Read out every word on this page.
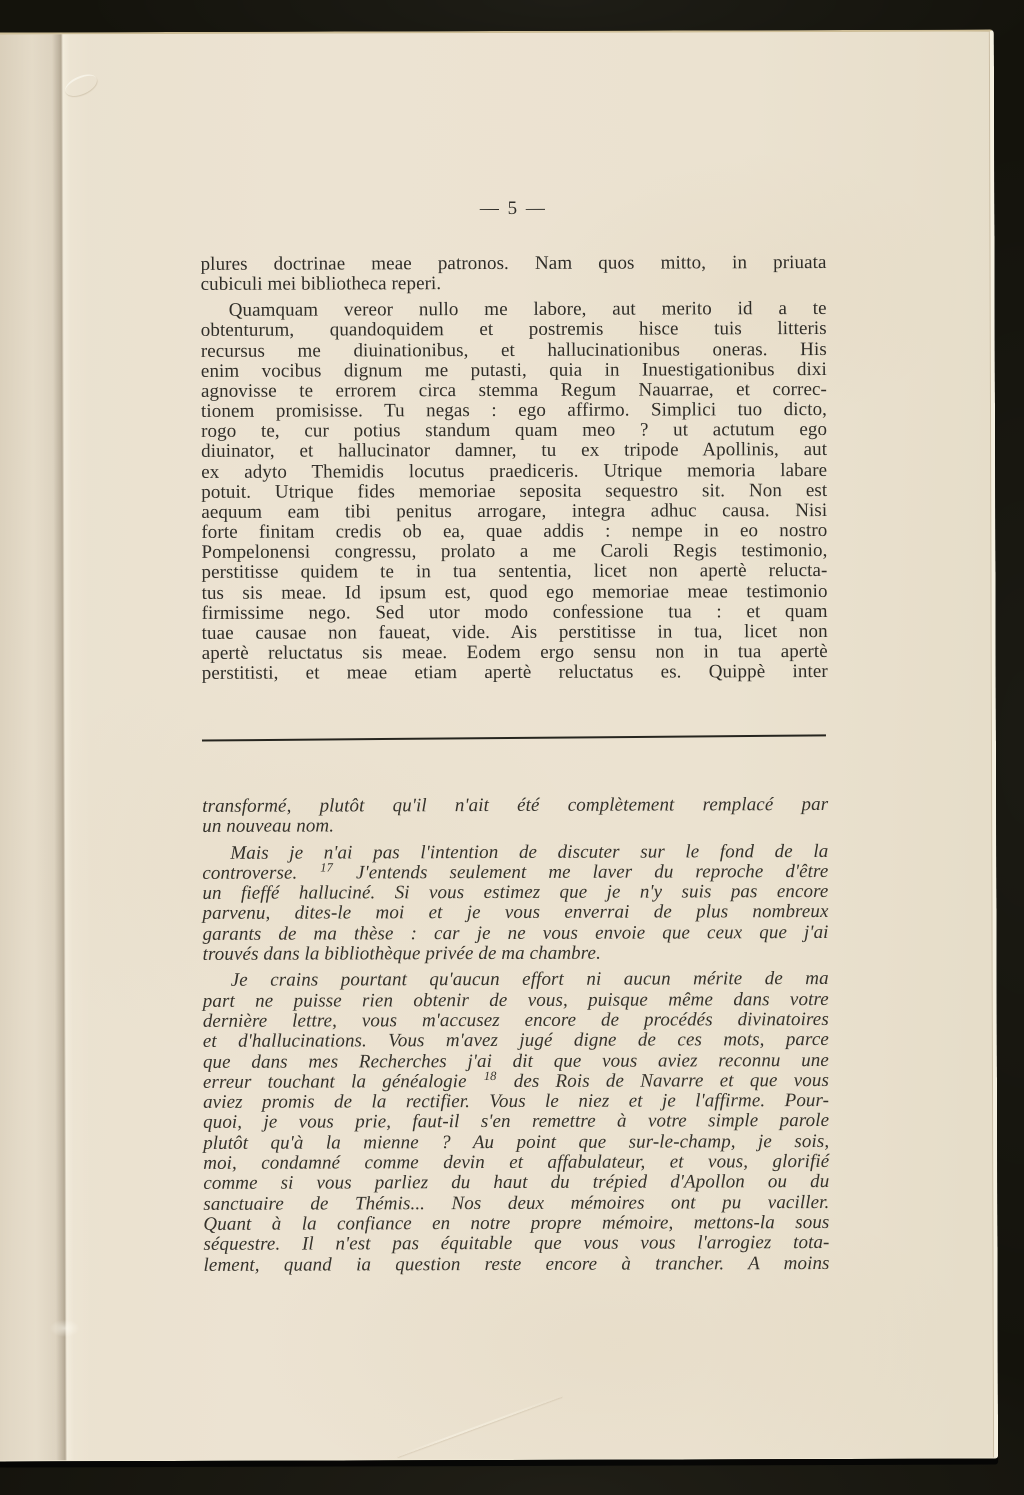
— 5 —
plures doctrinae meae patronos. Nam quos mitto, in priuata
cubiculi mei bibliotheca reperi.
Quamquam vereor nullo me labore, aut merito id a te
obtenturum, quandoquidem et postremis hisce tuis litteris
recursus me diuinationibus, et hallucinationibus oneras. His
enim vocibus dignum me putasti, quia in Inuestigationibus dixi
agnovisse te errorem circa stemma Regum Nauarrae, et correc-
tionem promisisse. Tu negas : ego affirmo. Simplici tuo dicto,
rogo te, cur potius standum quam meo ? ut actutum ego
diuinator, et hallucinator damner, tu ex tripode Apollinis, aut
ex adyto Themidis locutus praediceris. Utrique memoria labare
potuit. Utrique fides memoriae seposita sequestro sit. Non est
aequum eam tibi penitus arrogare, integra adhuc causa. Nisi
forte finitam credis ob ea, quae addis : nempe in eo nostro
Pompelonensi congressu, prolato a me Caroli Regis testimonio,
perstitisse quidem te in tua sententia, licet non apertè relucta-
tus sis meae. Id ipsum est, quod ego memoriae meae testimonio
firmissime nego. Sed utor modo confessione tua : et quam
tuae causae non faueat, vide. Ais perstitisse in tua, licet non
apertè reluctatus sis meae. Eodem ergo sensu non in tua apertè
perstitisti, et meae etiam apertè reluctatus es. Quippè inter
transformé, plutôt qu'il n'ait été complètement remplacé par
un nouveau nom.
Mais je n'ai pas l'intention de discuter sur le fond de la
controverse. $^{17}$ J'entends seulement me laver du reproche d'être
un fieffé halluciné. Si vous estimez que je n'y suis pas encore
parvenu, dites-le moi et je vous enverrai de plus nombreux
garants de ma thèse : car je ne vous envoie que ceux que j'ai
trouvés dans la bibliothèque privée de ma chambre.
Je crains pourtant qu'aucun effort ni aucun mérite de ma
part ne puisse rien obtenir de vous, puisque même dans votre
dernière lettre, vous m'accusez encore de procédés divinatoires
et d'hallucinations. Vous m'avez jugé digne de ces mots, parce
que dans mes Recherches j'ai dit que vous aviez reconnu une
erreur touchant la généalogie $^{18}$ des Rois de Navarre et que vous
aviez promis de la rectifier. Vous le niez et je l'affirme. Pour-
quoi, je vous prie, faut-il s'en remettre à votre simple parole
plutôt qu'à la mienne ? Au point que sur-le-champ, je sois,
moi, condamné comme devin et affabulateur, et vous, glorifié
comme si vous parliez du haut du trépied d'Apollon ou du
sanctuaire de Thémis... Nos deux mémoires ont pu vaciller.
Quant à la confiance en notre propre mémoire, mettons-la sous
séquestre. Il n'est pas équitable que vous vous l'arrogiez tota-
lement, quand ia question reste encore à trancher. A moins
